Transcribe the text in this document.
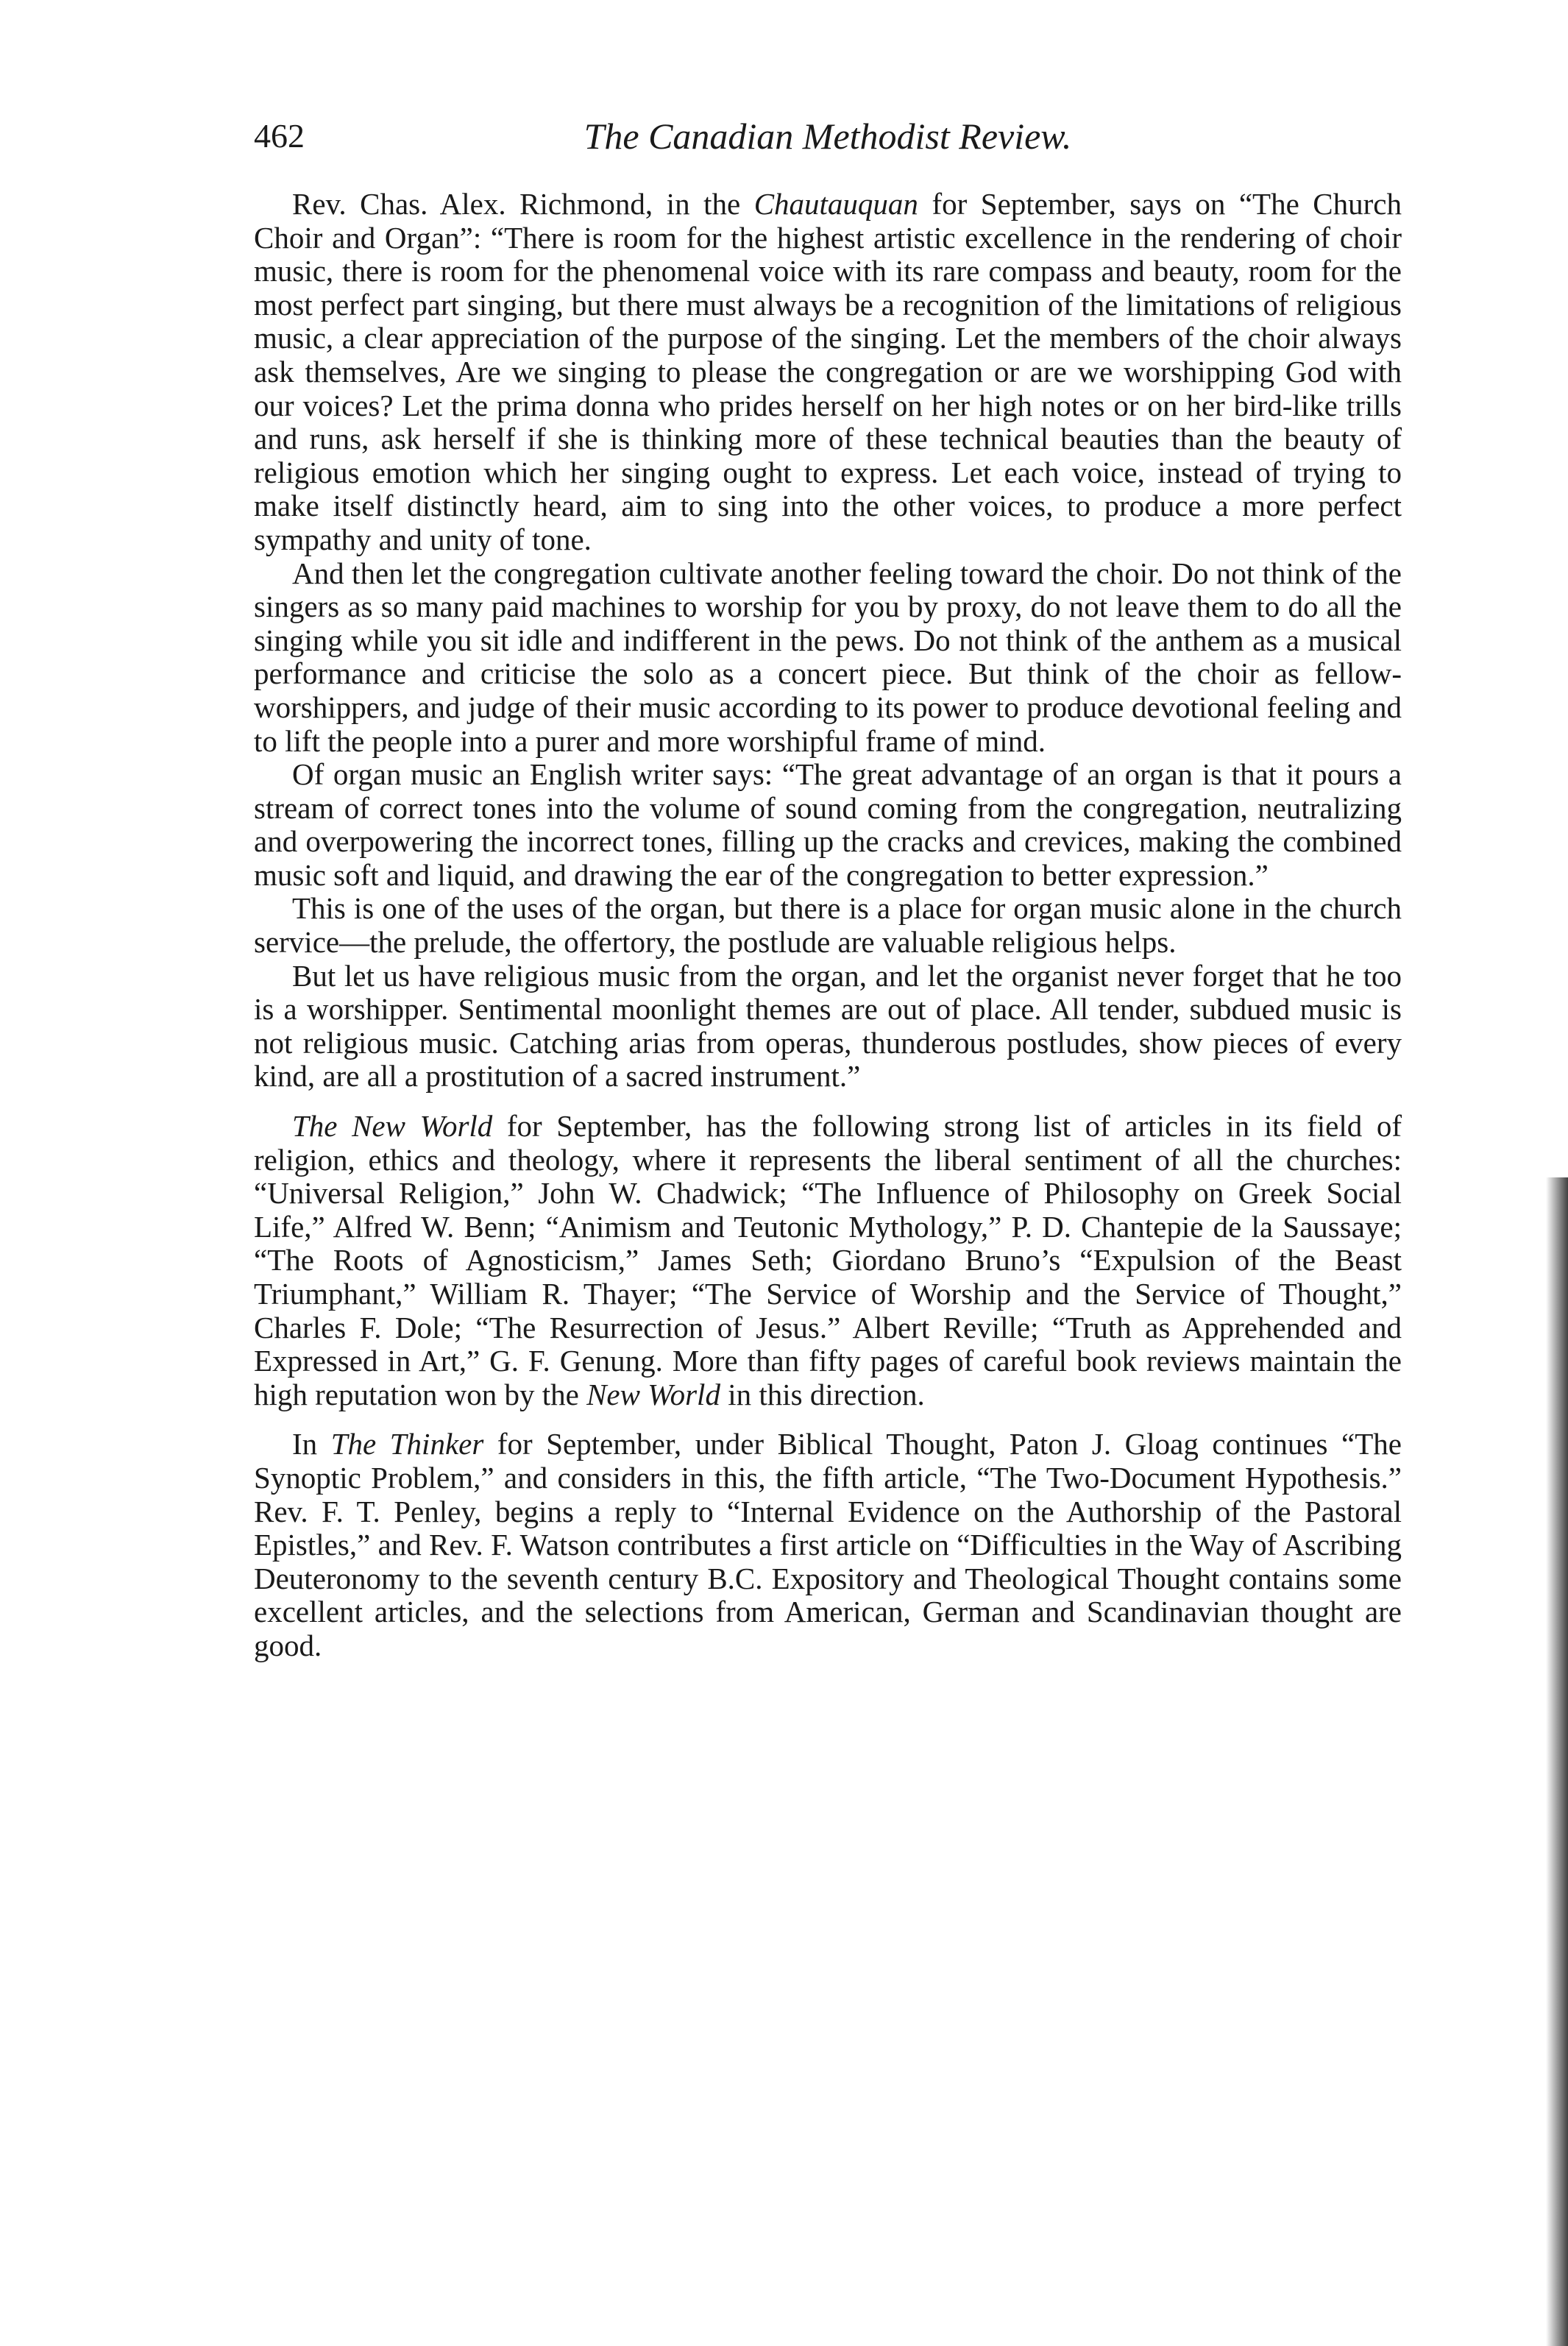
462	The Canadian Methodist Review.

Rev. Chas. Alex. Richmond, in the Chautauquan for September, says on “The Church Choir and Organ”: “There is room for the highest artistic excellence in the rendering of choir music, there is room for the phenomenal voice with its rare compass and beauty, room for the most perfect part singing, but there must always be a recognition of the limitations of religious music, a clear appreciation of the purpose of the singing. Let the members of the choir always ask themselves, Are we singing to please the congregation or are we worshipping God with our voices? Let the prima donna who prides herself on her high notes or on her bird-like trills and runs, ask herself if she is thinking more of these technical beauties than the beauty of religious emotion which her singing ought to express. Let each voice, instead of trying to make itself distinctly heard, aim to sing into the other voices, to produce a more perfect sympathy and unity of tone.

And then let the congregation cultivate another feeling toward the choir. Do not think of the singers as so many paid machines to worship for you by proxy, do not leave them to do all the singing while you sit idle and indifferent in the pews. Do not think of the anthem as a musical performance and criticise the solo as a concert piece. But think of the choir as fellow-worshippers, and judge of their music according to its power to produce devotional feeling and to lift the people into a purer and more worshipful frame of mind.

Of organ music an English writer says: “The great advantage of an organ is that it pours a stream of correct tones into the volume of sound coming from the congregation, neutralizing and overpowering the incorrect tones, filling up the cracks and crevices, making the combined music soft and liquid, and drawing the ear of the congregation to better expression.”

This is one of the uses of the organ, but there is a place for organ music alone in the church service—the prelude, the offertory, the postlude are valuable religious helps.

But let us have religious music from the organ, and let the organist never forget that he too is a worshipper. Sentimental moonlight themes are out of place. All tender, subdued music is not religious music. Catching arias from operas, thunderous postludes, show pieces of every kind, are all a prostitution of a sacred instrument.”

The New World for September, has the following strong list of articles in its field of religion, ethics and theology, where it represents the liberal sentiment of all the churches: “Universal Religion,” John W. Chadwick; “The Influence of Philosophy on Greek Social Life,” Alfred W. Benn; “Animism and Teutonic Mythology,” P. D. Chantepie de la Saussaye; “The Roots of Agnosticism,” James Seth; Giordano Bruno’s “Expulsion of the Beast Triumphant,” William R. Thayer; “The Service of Worship and the Service of Thought,” Charles F. Dole; “The Resurrection of Jesus.” Albert Reville; “Truth as Apprehended and Expressed in Art,” G. F. Genung. More than fifty pages of careful book reviews maintain the high reputation won by the New World in this direction.

In The Thinker for September, under Biblical Thought, Paton J. Gloag continues “The Synoptic Problem,” and considers in this, the fifth article, “The Two-Document Hypothesis.” Rev. F. T. Penley, begins a reply to “Internal Evidence on the Authorship of the Pastoral Epistles,” and Rev. F. Watson contributes a first article on “Difficulties in the Way of Ascribing Deuteronomy to the seventh century B.C. Expository and Theological Thought contains some excellent articles, and the selections from American, German and Scandinavian thought are good.
